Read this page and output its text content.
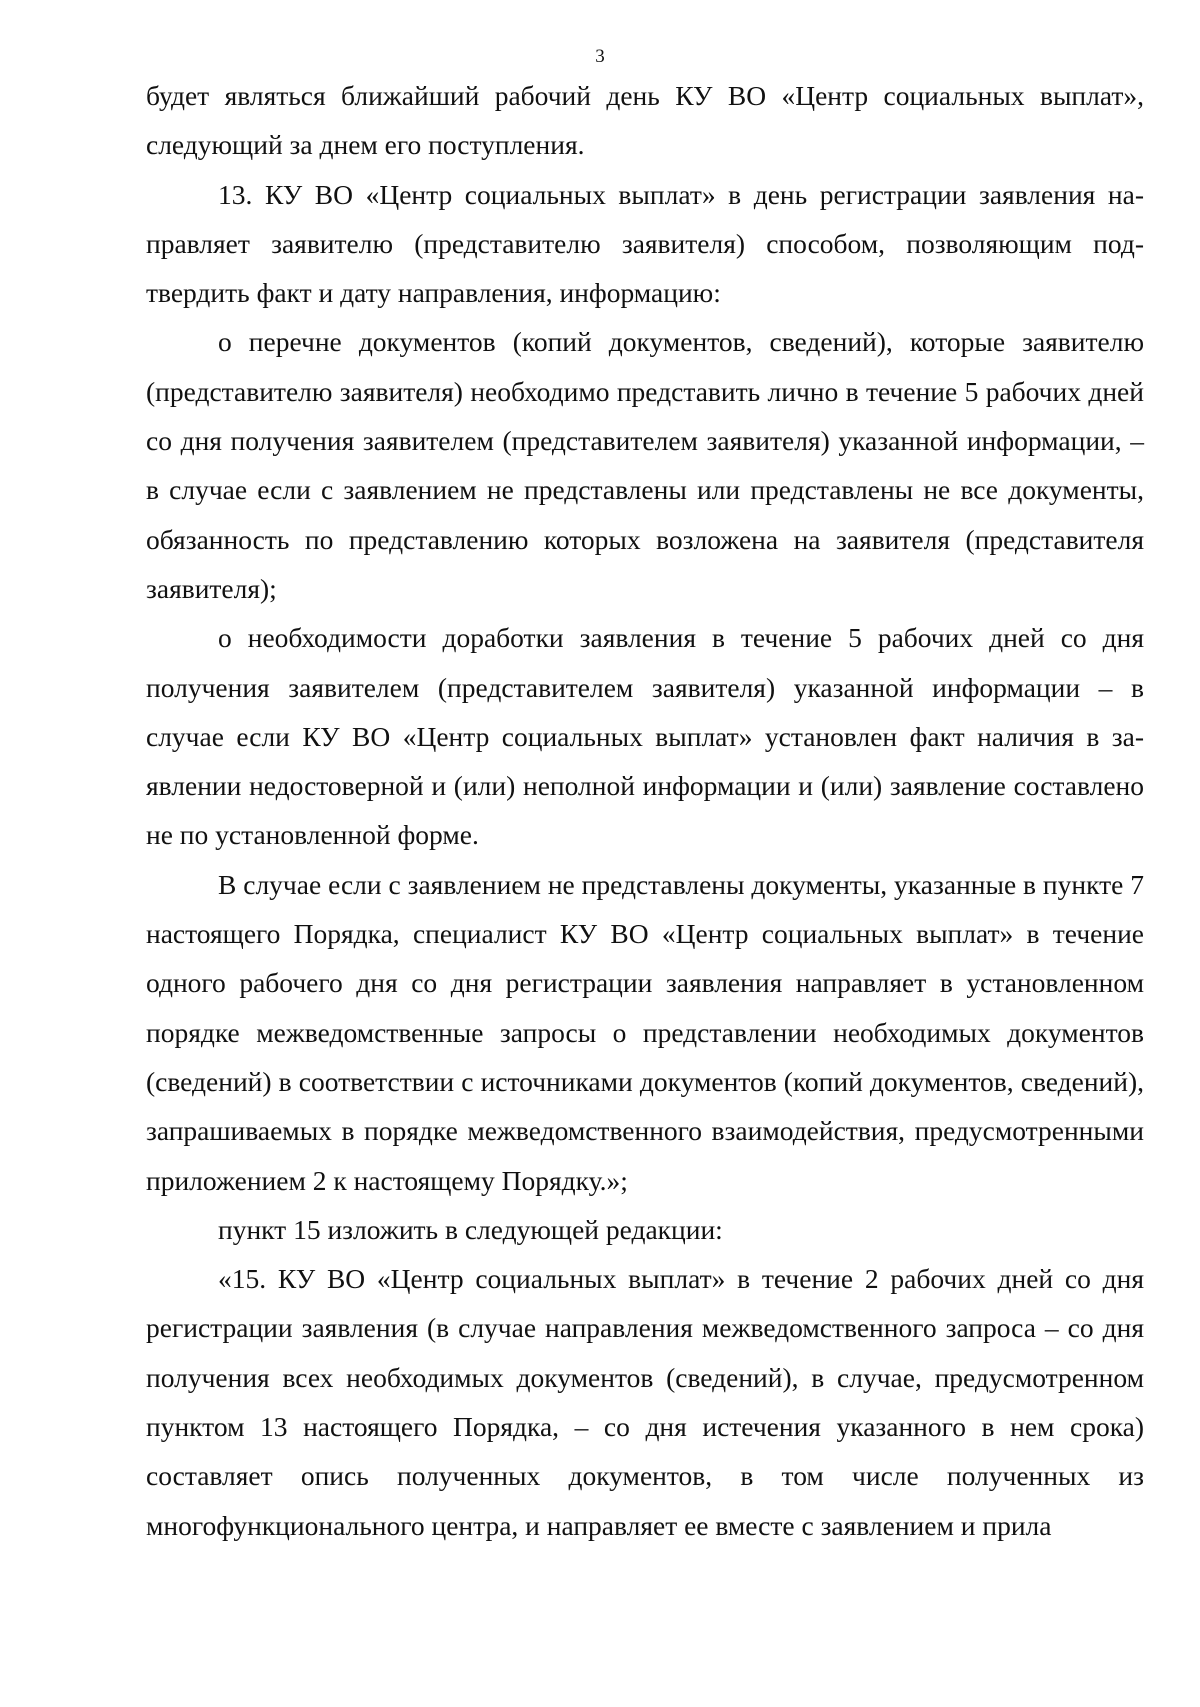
3

будет являться ближайший рабочий день КУ ВО «Центр социальных выплат», следующий за днем его поступления.

13. КУ ВО «Центр социальных выплат» в день регистрации заявления направляет заявителю (представителю заявителя) способом, позволяющим подтвердить факт и дату направления, информацию:

о перечне документов (копий документов, сведений), которые заявителю (представителю заявителя) необходимо представить лично в течение 5 рабочих дней со дня получения заявителем (представителем заявителя) указанной информации, – в случае если с заявлением не представлены или представлены не все документы, обязанность по представлению которых возложена на заявителя (представителя заявителя);

о необходимости доработки заявления в течение 5 рабочих дней со дня получения заявителем (представителем заявителя) указанной информации – в случае если КУ ВО «Центр социальных выплат» установлен факт наличия в заявлении недостоверной и (или) неполной информации и (или) заявление составлено не по установленной форме.

В случае если с заявлением не представлены документы, указанные в пункте 7 настоящего Порядка, специалист КУ ВО «Центр социальных выплат» в течение одного рабочего дня со дня регистрации заявления направляет в установленном порядке межведомственные запросы о представлении необходимых документов (сведений) в соответствии с источниками документов (копий документов, сведений), запрашиваемых в порядке межведомственного взаимодействия, предусмотренными приложением 2 к настоящему Порядку.»;

пункт 15 изложить в следующей редакции:

«15. КУ ВО «Центр социальных выплат» в течение 2 рабочих дней со дня регистрации заявления (в случае направления межведомственного запроса – со дня получения всех необходимых документов (сведений), в случае, предусмотренном пунктом 13 настоящего Порядка, – со дня истечения указанного в нем срока) составляет опись полученных документов, в том числе полученных из многофункционального центра, и направляет ее вместе с заявлением и прила
